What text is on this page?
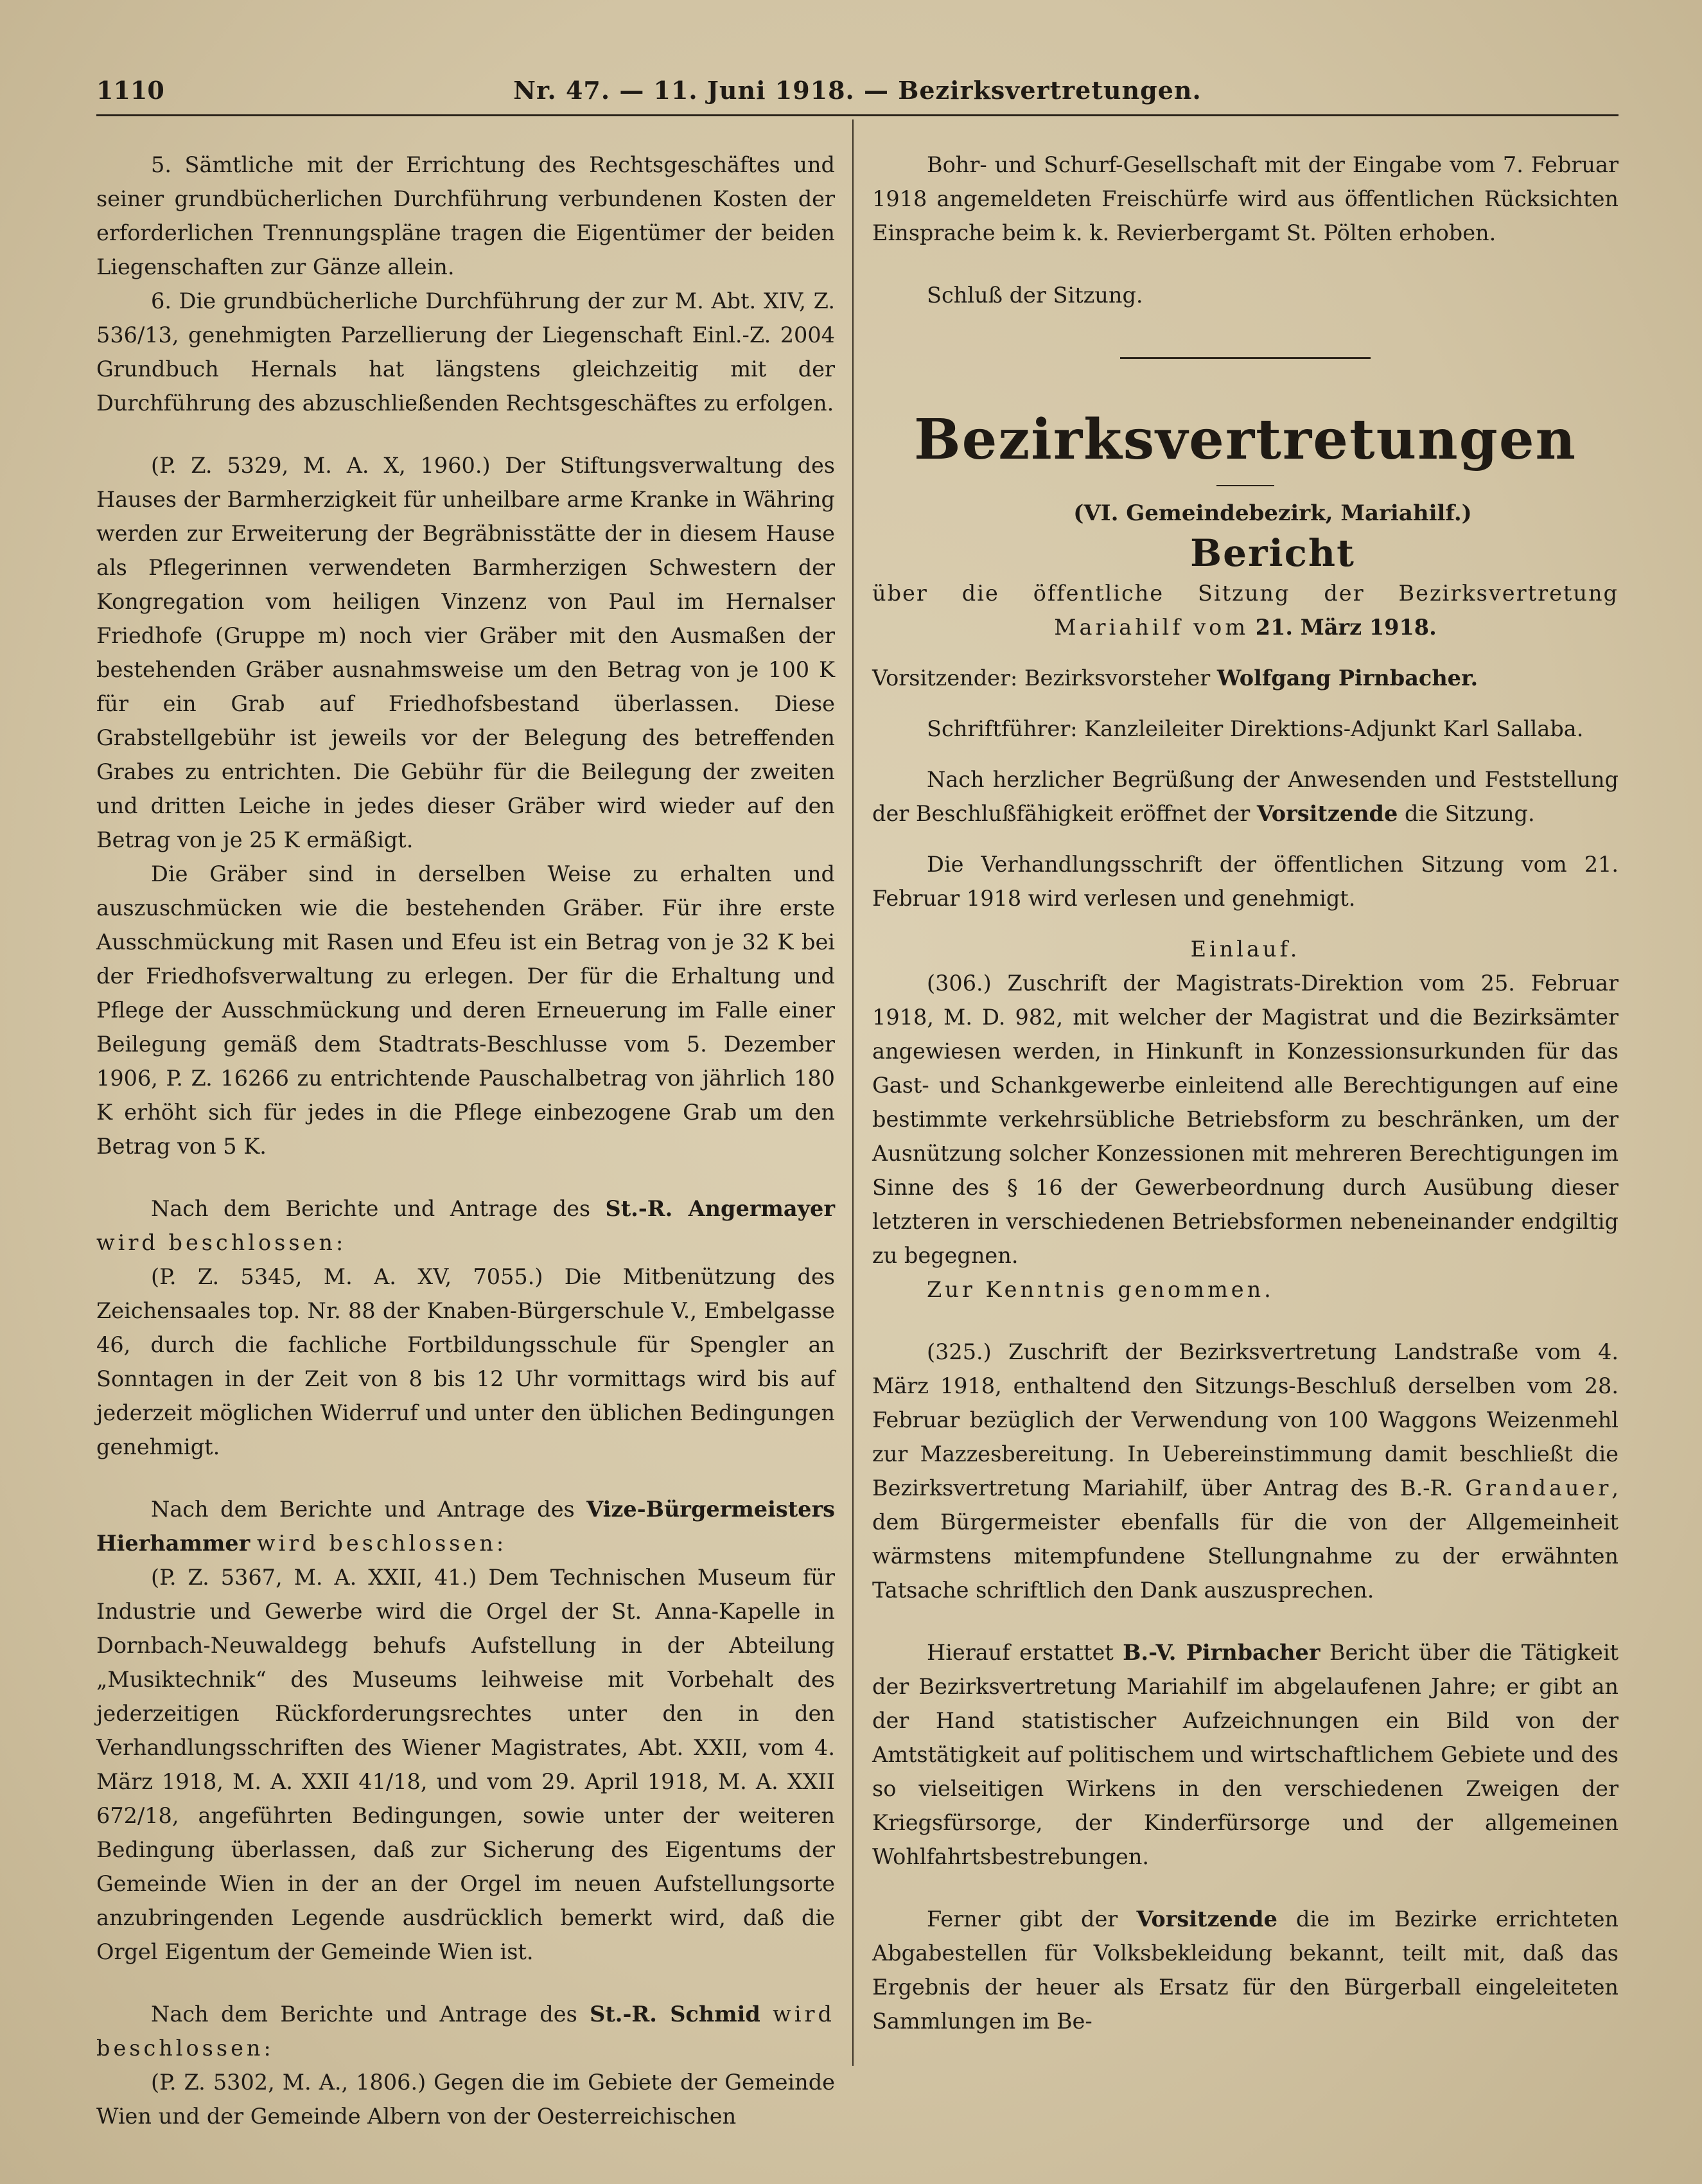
1110	Nr. 47. — 11. Juni 1918. — Bezirksvertretungen.

5. Sämtliche mit der Errichtung des Rechtsgeschäftes und seiner grundbücherlichen Durchführung verbundenen Kosten der erforderlichen Trennungspläne tragen die Eigentümer der beiden Liegenschaften zur Gänze allein.

6. Die grundbücherliche Durchführung der zur M. Abt. XIV, Z. 536/13, genehmigten Parzellierung der Liegenschaft Einl.-Z. 2004 Grundbuch Hernals hat längstens gleichzeitig mit der Durchführung des abzuschließenden Rechtsgeschäftes zu erfolgen.

(P. Z. 5329, M. A. X, 1960.) Der Stiftungsverwaltung des Hauses der Barmherzigkeit für unheilbare arme Kranke in Währing werden zur Erweiterung der Begräbnisstätte der in diesem Hause als Pflegerinnen verwendeten Barmherzigen Schwestern der Kongregation vom heiligen Vinzenz von Paul im Hernalser Friedhofe (Gruppe m) noch vier Gräber mit den Ausmaßen der bestehenden Gräber ausnahmsweise um den Betrag von je 100 K für ein Grab auf Friedhofsbestand überlassen. Diese Grabstellgebühr ist jeweils vor der Belegung des betreffenden Grabes zu entrichten. Die Gebühr für die Beilegung der zweiten und dritten Leiche in jedes dieser Gräber wird wieder auf den Betrag von je 25 K ermäßigt.

Die Gräber sind in derselben Weise zu erhalten und auszuschmücken wie die bestehenden Gräber. Für ihre erste Ausschmückung mit Rasen und Efeu ist ein Betrag von je 32 K bei der Friedhofsverwaltung zu erlegen. Der für die Erhaltung und Pflege der Ausschmückung und deren Erneuerung im Falle einer Beilegung gemäß dem Stadtrats-Beschlusse vom 5. Dezember 1906, P. Z. 16266 zu entrichtende Pauschalbetrag von jährlich 180 K erhöht sich für jedes in die Pflege einbezogene Grab um den Betrag von 5 K.

Nach dem Berichte und Antrage des St.-R. Angermayer wird beschlossen:

(P. Z. 5345, M. A. XV, 7055.) Die Mitbenützung des Zeichensaales top. Nr. 88 der Knaben-Bürgerschule V., Embelgasse 46, durch die fachliche Fortbildungsschule für Spengler an Sonntagen in der Zeit von 8 bis 12 Uhr vormittags wird bis auf jederzeit möglichen Widerruf und unter den üblichen Bedingungen genehmigt.

Nach dem Berichte und Antrage des Vize-Bürgermeisters Hierhammer wird beschlossen:

(P. Z. 5367, M. A. XXII, 41.) Dem Technischen Museum für Industrie und Gewerbe wird die Orgel der St. Anna-Kapelle in Dornbach-Neuwaldegg behufs Aufstellung in der Abteilung „Musiktechnik“ des Museums leihweise mit Vorbehalt des jederzeitigen Rückforderungsrechtes unter den in den Verhandlungsschriften des Wiener Magistrates, Abt. XXII, vom 4. März 1918, M. A. XXII 41/18, und vom 29. April 1918, M. A. XXII 672/18, angeführten Bedingungen, sowie unter der weiteren Bedingung überlassen, daß zur Sicherung des Eigentums der Gemeinde Wien in der an der Orgel im neuen Aufstellungsorte anzubringenden Legende ausdrücklich bemerkt wird, daß die Orgel Eigentum der Gemeinde Wien ist.

Nach dem Berichte und Antrage des St.-R. Schmid wird beschlossen:

(P. Z. 5302, M. A., 1806.) Gegen die im Gebiete der Gemeinde Wien und der Gemeinde Albern von der Oesterreichischen

Bohr- und Schurf-Gesellschaft mit der Eingabe vom 7. Februar 1918 angemeldeten Freischürfe wird aus öffentlichen Rücksichten Einsprache beim k. k. Revierbergamt St. Pölten erhoben.

Schluß der Sitzung.

Bezirksvertretungen

(VI. Gemeindebezirk, Mariahilf.)

Bericht

über die öffentliche Sitzung der Bezirksvertretung

Mariahilf vom 21. März 1918.

Vorsitzender: Bezirksvorsteher Wolfgang Pirnbacher.

Schriftführer: Kanzleileiter Direktions-Adjunkt Karl Sallaba.

Nach herzlicher Begrüßung der Anwesenden und Feststellung der Beschlußfähigkeit eröffnet der Vorsitzende die Sitzung.

Die Verhandlungsschrift der öffentlichen Sitzung vom 21. Februar 1918 wird verlesen und genehmigt.

Einlauf.

(306.) Zuschrift der Magistrats-Direktion vom 25. Februar 1918, M. D. 982, mit welcher der Magistrat und die Bezirksämter angewiesen werden, in Hinkunft in Konzessionsurkunden für das Gast- und Schankgewerbe einleitend alle Berechtigungen auf eine bestimmte verkehrsübliche Betriebsform zu beschränken, um der Ausnützung solcher Konzessionen mit mehreren Berechtigungen im Sinne des § 16 der Gewerbeordnung durch Ausübung dieser letzteren in verschiedenen Betriebsformen nebeneinander endgiltig zu begegnen.

Zur Kenntnis genommen.

(325.) Zuschrift der Bezirksvertretung Landstraße vom 4. März 1918, enthaltend den Sitzungs-Beschluß derselben vom 28. Februar bezüglich der Verwendung von 100 Waggons Weizenmehl zur Mazzesbereitung. In Uebereinstimmung damit beschließt die Bezirksvertretung Mariahilf, über Antrag des B.-R. Grandauer, dem Bürgermeister ebenfalls für die von der Allgemeinheit wärmstens mitempfundene Stellungnahme zu der erwähnten Tatsache schriftlich den Dank auszusprechen.

Hierauf erstattet B.-V. Pirnbacher Bericht über die Tätigkeit der Bezirksvertretung Mariahilf im abgelaufenen Jahre; er gibt an der Hand statistischer Aufzeichnungen ein Bild von der Amtstätigkeit auf politischem und wirtschaftlichem Gebiete und des so vielseitigen Wirkens in den verschiedenen Zweigen der Kriegsfürsorge, der Kinderfürsorge und der allgemeinen Wohlfahrtsbestrebungen.

Ferner gibt der Vorsitzende die im Bezirke errichteten Abgabestellen für Volksbekleidung bekannt, teilt mit, daß das Ergebnis der heuer als Ersatz für den Bürgerball eingeleiteten Sammlungen im Be-
